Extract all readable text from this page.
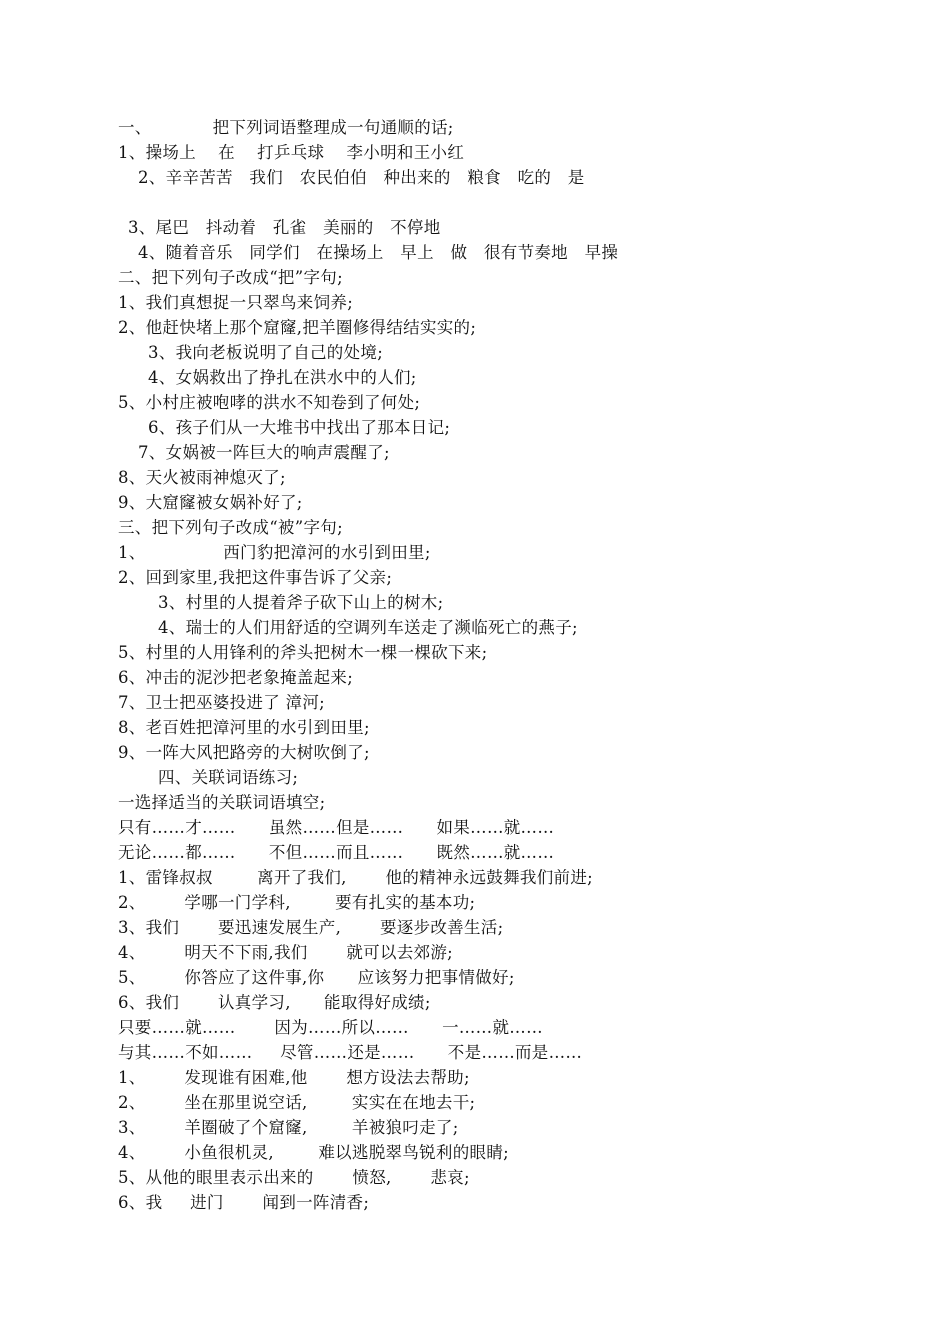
一、           把下列词语整理成一句通顺的话;
1、操场上    在    打乒乓球    李小明和王小红
2、辛辛苦苦   我们   农民伯伯   种出来的   粮食   吃的   是
3、尾巴   抖动着   孔雀   美丽的   不停地
4、随着音乐   同学们   在操场上   早上   做   很有节奏地   早操
二、把下列句子改成“把”字句;
1、我们真想捉一只翠鸟来饲养;
2、他赶快堵上那个窟窿,把羊圈修得结结实实的;
3、我向老板说明了自己的处境;
4、女娲救出了挣扎在洪水中的人们;
5、小村庄被咆哮的洪水不知卷到了何处;
6、孩子们从一大堆书中找出了那本日记;
7、女娲被一阵巨大的响声震醒了;
8、天火被雨神熄灭了;
9、大窟窿被女娲补好了;
三、把下列句子改成“被”字句;
1、              西门豹把漳河的水引到田里;
2、回到家里,我把这件事告诉了父亲;
3、村里的人提着斧子砍下山上的树木;
4、瑞士的人们用舒适的空调列车送走了濒临死亡的燕子;
5、村里的人用锋利的斧头把树木一棵一棵砍下来;
6、冲击的泥沙把老象掩盖起来;
7、卫士把巫婆投进了 漳河;
8、老百姓把漳河里的水引到田里;
9、一阵大风把路旁的大树吹倒了;
四、关联词语练习;
一选择适当的关联词语填空;
只有……才……      虽然……但是……      如果……就……
无论……都……      不但……而且……      既然……就……
1、雷锋叔叔        离开了我们,       他的精神永远鼓舞我们前进;
2、       学哪一门学科,        要有扎实的基本功;
3、我们       要迅速发展生产,       要逐步改善生活;
4、       明天不下雨,我们       就可以去郊游;
5、       你答应了这件事,你      应该努力把事情做好;
6、我们       认真学习,      能取得好成绩;
只要……就……       因为……所以……      一……就……
与其……不如……     尽管……还是……      不是……而是……
1、       发现谁有困难,他       想方设法去帮助;
2、       坐在那里说空话,        实实在在地去干;
3、       羊圈破了个窟窿,        羊被狼叼走了;
4、       小鱼很机灵,        难以逃脱翠鸟锐利的眼睛;
5、从他的眼里表示出来的       愤怒,       悲哀;
6、我     进门       闻到一阵清香;
